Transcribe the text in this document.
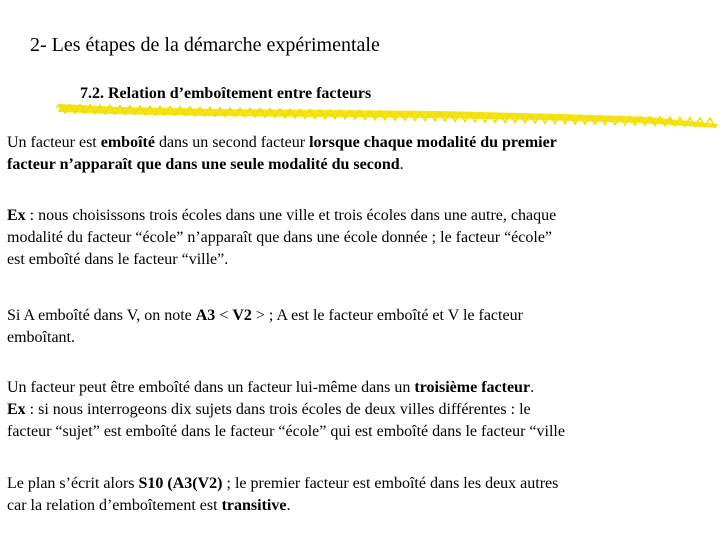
2- Les étapes de la démarche expérimentale
7.2. Relation d’emboîtement entre facteurs
Un facteur est emboîté dans un second facteur lorsque chaque modalité du premier
facteur n’apparaît que dans une seule modalité du second.
Ex : nous choisissons trois écoles dans une ville et trois écoles dans une autre, chaque
modalité du facteur “école” n’apparaît que dans une école donnée ; le facteur “école”
est emboîté dans le facteur “ville”.
Si A emboîté dans V, on note A3 < V2 > ; A est le facteur emboîté et V le facteur
emboîtant.
Un facteur peut être emboîté dans un facteur lui-même dans un troisième facteur.
Ex : si nous interrogeons dix sujets dans trois écoles de deux villes différentes : le
facteur “sujet” est emboîté dans le facteur “école” qui est emboîté dans le facteur “ville
Le plan s’écrit alors S10 (A3(V2) ; le premier facteur est emboîté dans les deux autres
car la relation d’emboîtement est transitive.
